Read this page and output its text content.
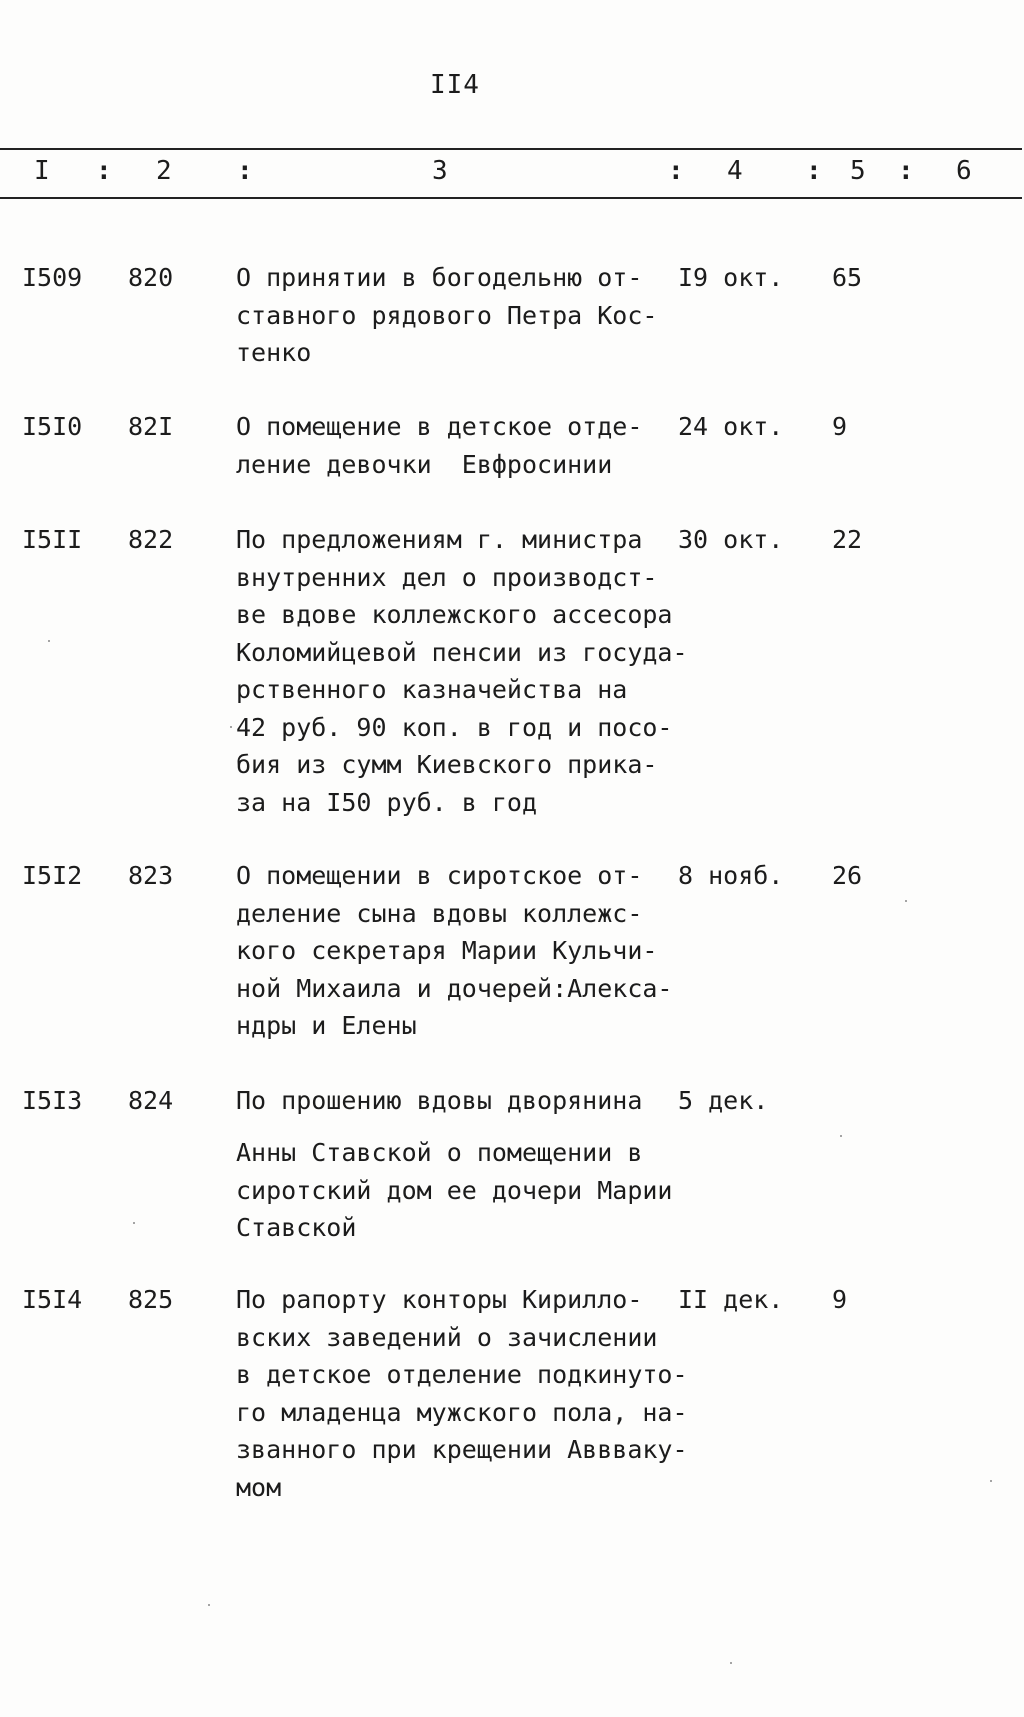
II4
I : 2	:	3	: 4 : 5 : 6
I509 820	О принятии в богодельню от-
ставного рядового Петра Кос-
тенко
I9 окт. 65
I5I0 82I	О помещение в детское отде-
ление девочки  Евфросинии
24 окт. 9
I5II 822	По предложениям г. министра
внутренних дел о производст-
ве вдове коллежского ассесора
Коломийцевой пенсии из госуда-
рственного казначейства на
42 руб. 90 коп. в год и посо-
бия из сумм Киевского прика-
за на I50 руб. в год
30 окт. 22
I5I2 823	О помещении в сиротское от-
деление сына вдовы коллежс-
кого секретаря Марии Кульчи-
ной Михаила и дочерей:Алекса-
ндры и Елены
8 нояб. 26
I5I3 824	По прошению вдовы дворянина
Анны Ставской о помещении в
сиротский дом ее дочери Марии
Ставской
5 дек.
I5I4 825	По рапорту конторы Кирилло-
вских заведений о зачислении
в детское отделение подкинуто-
го младенца мужского пола, на-
званного при крещении Аввваку-
мом
II дек. 9
